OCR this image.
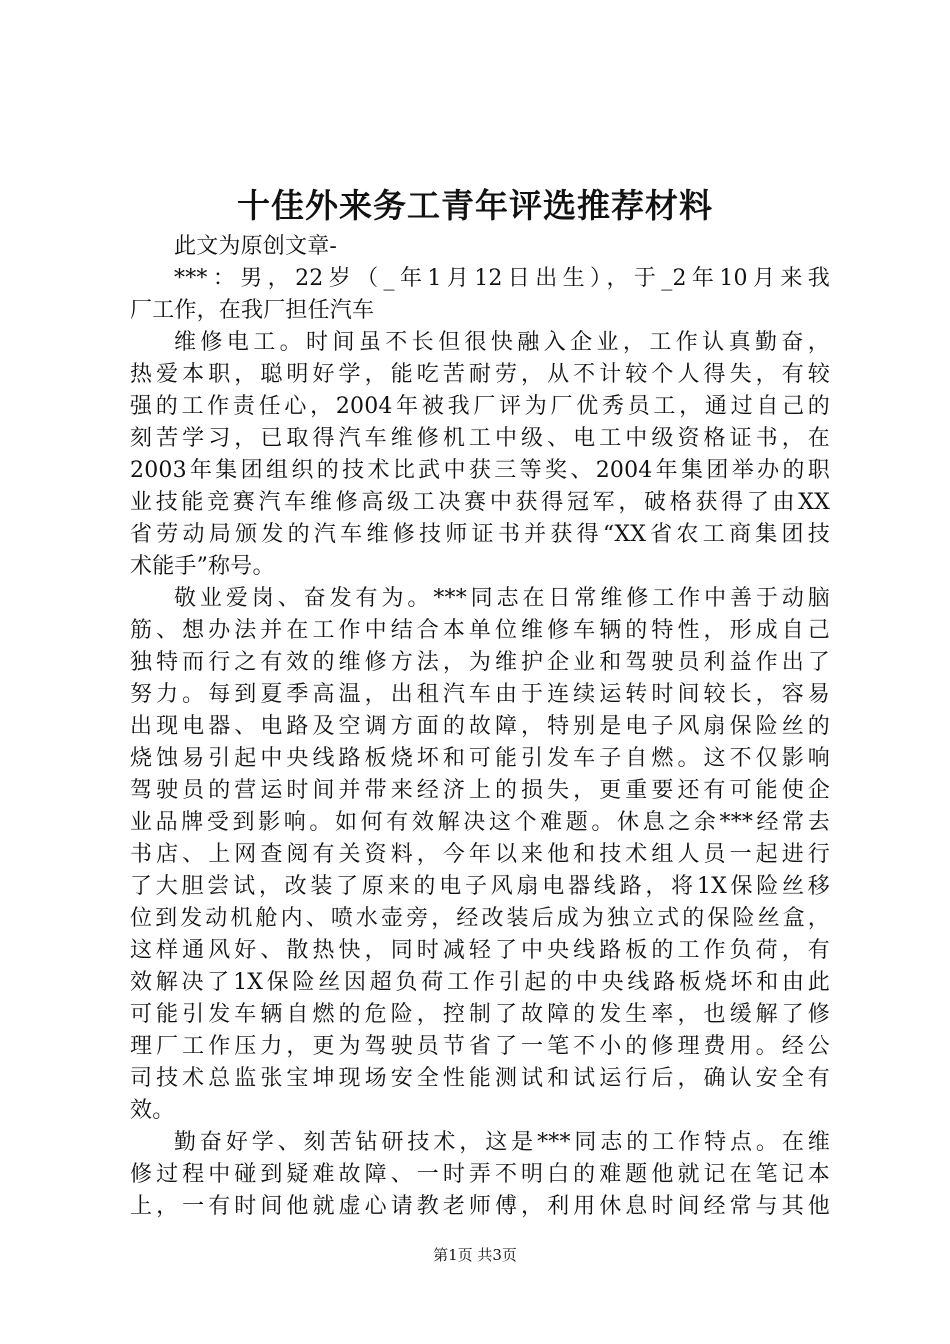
十佳外来务工青年评选推荐材料
此文为原创文章-
***：男，22岁（_年1月12日出生），于_2年10月来我
厂工作，在我厂担任汽车
维修电工。时间虽不长但很快融入企业，工作认真勤奋，
热爱本职，聪明好学，能吃苦耐劳，从不计较个人得失，有较
强的工作责任心，2004年被我厂评为厂优秀员工，通过自己的
刻苦学习，已取得汽车维修机工中级、电工中级资格证书，在
2003年集团组织的技术比武中获三等奖、2004年集团举办的职
业技能竞赛汽车维修高级工决赛中获得冠军，破格获得了由XX
省劳动局颁发的汽车维修技师证书并获得“XX省农工商集团技
术能手”称号。
敬业爱岗、奋发有为。***同志在日常维修工作中善于动脑
筋、想办法并在工作中结合本单位维修车辆的特性，形成自己
独特而行之有效的维修方法，为维护企业和驾驶员利益作出了
努力。每到夏季高温，出租汽车由于连续运转时间较长，容易
出现电器、电路及空调方面的故障，特别是电子风扇保险丝的
烧蚀易引起中央线路板烧坏和可能引发车子自燃。这不仅影响
驾驶员的营运时间并带来经济上的损失，更重要还有可能使企
业品牌受到影响。如何有效解决这个难题。休息之余***经常去
书店、上网查阅有关资料，今年以来他和技术组人员一起进行
了大胆尝试，改装了原来的电子风扇电器线路，将1X保险丝移
位到发动机舱内、喷水壶旁，经改装后成为独立式的保险丝盒，
这样通风好、散热快，同时减轻了中央线路板的工作负荷，有
效解决了1X保险丝因超负荷工作引起的中央线路板烧坏和由此
可能引发车辆自燃的危险，控制了故障的发生率，也缓解了修
理厂工作压力，更为驾驶员节省了一笔不小的修理费用。经公
司技术总监张宝坤现场安全性能测试和试运行后，确认安全有
效。
勤奋好学、刻苦钻研技术，这是***同志的工作特点。在维
修过程中碰到疑难故障、一时弄不明白的难题他就记在笔记本
上，一有时间他就虚心请教老师傅，利用休息时间经常与其他
第1页 共3页
